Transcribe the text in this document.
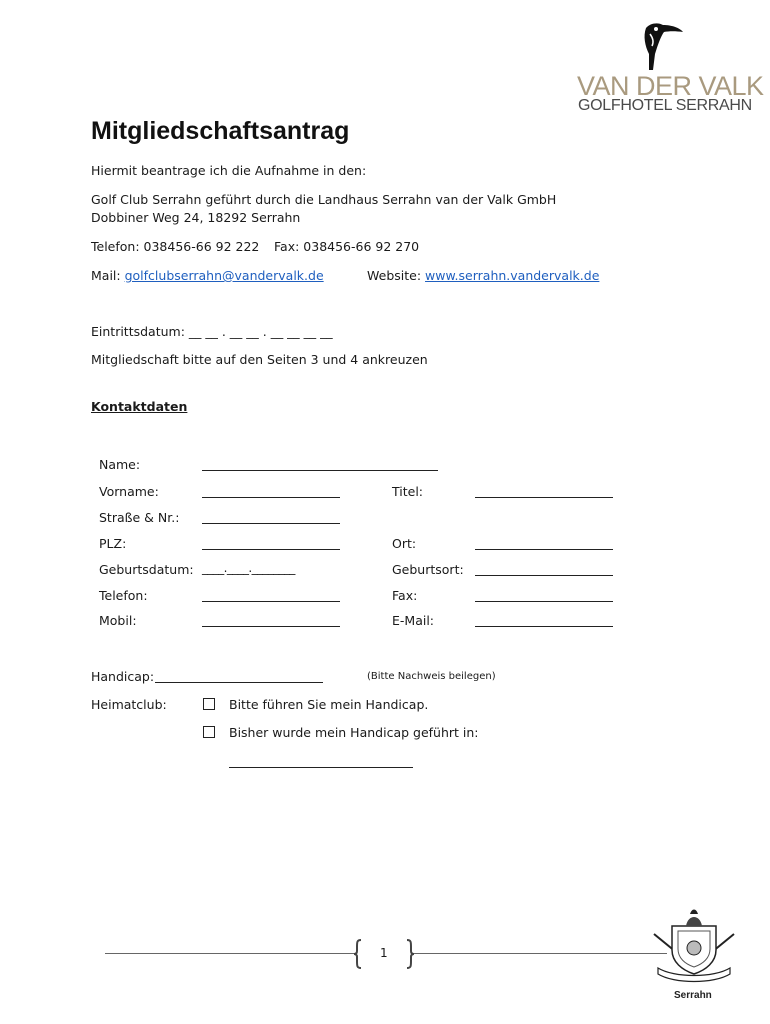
VAN DER VALK
GOLFHOTEL SERRAHN
Mitgliedschaftsantrag
Hiermit beantrage ich die Aufnahme in den:
Golf Club Serrahn geführt durch die Landhaus Serrahn van der Valk GmbH
Dobbiner Weg 24, 18292 Serrahn
Telefon: 038456-66 92 222 Fax: 038456-66 92 270
Mail: golfclubserrahn@vandervalk.de	Website: www.serrahn.vandervalk.de
Eintrittsdatum: __ __ . __ __ . __ __ __ __
Mitgliedschaft bitte auf den Seiten 3 und 4 ankreuzen
Kontaktdaten
Name:
Vorname:	Titel:
Straße & Nr.:
PLZ:	Ort:
Geburtsdatum: ____.____.________	Geburtsort:
Telefon:	Fax:
Mobil:	E-Mail:
Handicap:	(Bitte Nachweis beilegen)
Heimatclub:	Bitte führen Sie mein Handicap.
Bisher wurde mein Handicap geführt in:
1
Serrahn
